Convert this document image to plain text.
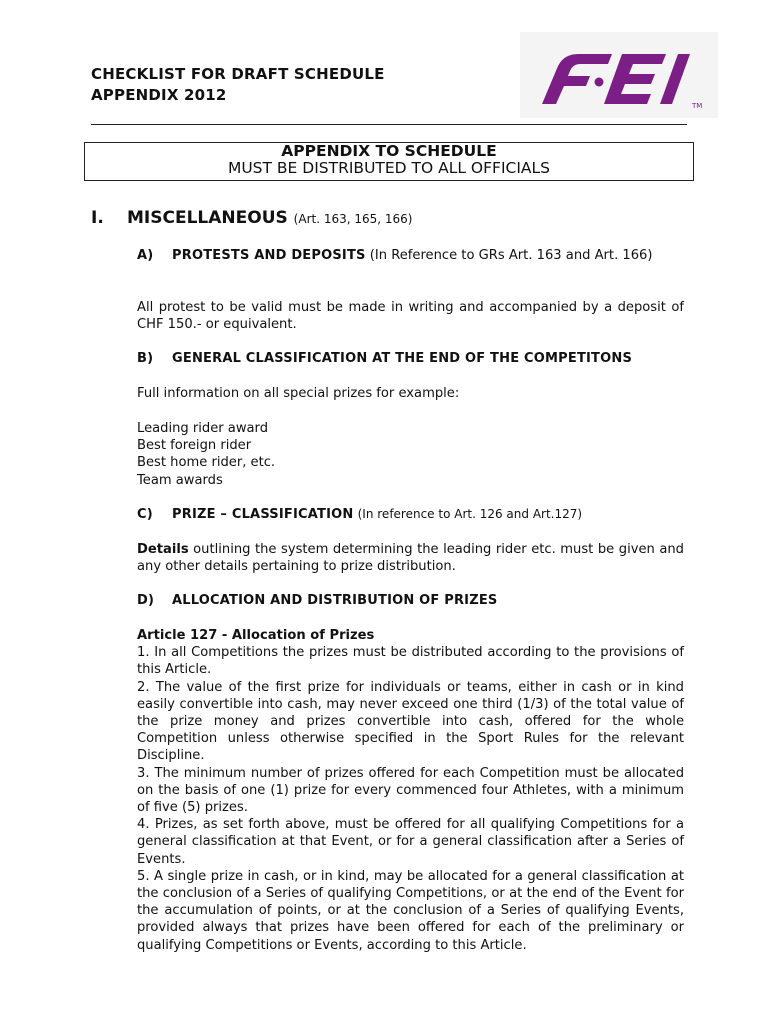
CHECKLIST FOR DRAFT SCHEDULE
APPENDIX 2012
TM
APPENDIX TO SCHEDULE
MUST BE DISTRIBUTED TO ALL OFFICIALS
I. MISCELLANEOUS (Art. 163, 165, 166)

A) PROTESTS AND DEPOSITS (In Reference to GRs Art. 163 and Art. 166)

All protest to be valid must be made in writing and accompanied by a deposit of CHF 150.- or equivalent.
B) GENERAL CLASSIFICATION AT THE END OF THE COMPETITONS
Full information on all special prizes for example:
Leading rider award
Best foreign rider
Best home rider, etc.
Team awards
C) PRIZE – CLASSIFICATION (In reference to Art. 126 and Art.127)
Details outlining the system determining the leading rider etc. must be given and any other details pertaining to prize distribution.
D) ALLOCATION AND DISTRIBUTION OF PRIZES

Article 127 - Allocation of Prizes

1. In all Competitions the prizes must be distributed according to the provisions of this Article.

2. The value of the first prize for individuals or teams, either in cash or in kind easily convertible into cash, may never exceed one third (1/3) of the total value of the prize money and prizes convertible into cash, offered for the whole Competition unless otherwise specified in the Sport Rules for the relevant Discipline.

3. The minimum number of prizes offered for each Competition must be allocated on the basis of one (1) prize for every commenced four Athletes, with a minimum of five (5) prizes.

4. Prizes, as set forth above, must be offered for all qualifying Competitions for a general classification at that Event, or for a general classification after a Series of Events.

5. A single prize in cash, or in kind, may be allocated for a general classification at the conclusion of a Series of qualifying Competitions, or at the end of the Event for the accumulation of points, or at the conclusion of a Series of qualifying Events, provided always that prizes have been offered for each of the preliminary or qualifying Competitions or Events, according to this Article.
